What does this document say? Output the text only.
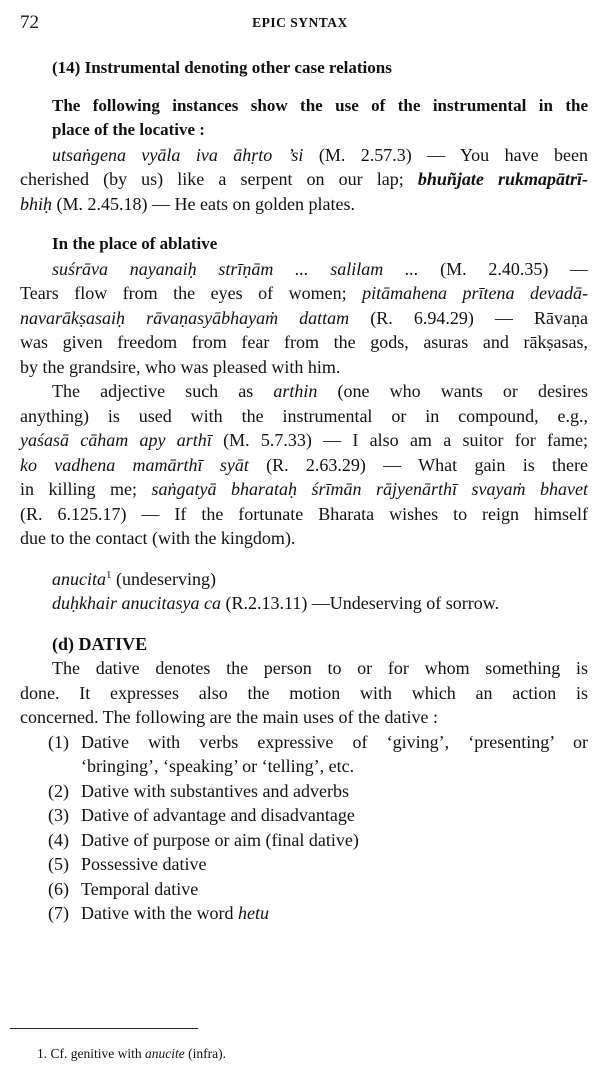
72	EPIC SYNTAX

(14) Instrumental denoting other case relations

The following instances show the use of the instrumental in the

place of the locative :

utsaṅgena vyāla iva āhṛto ’si (M. 2.57.3) — You have been

cherished (by us) like a serpent on our lap; bhuñjate rukmapātrī-

bhiḥ (M. 2.45.18) — He eats on golden plates.

In the place of ablative

suśrāva nayanaiḥ strīṇām ... salilam ... (M. 2.40.35) —

Tears flow from the eyes of women; pitāmahena prītena devadā-

navarākṣasaiḥ rāvaṇasyābhayaṁ dattam (R. 6.94.29) — Rāvaṇa

was given freedom from fear from the gods, asuras and rākṣasas,

by the grandsire, who was pleased with him.

The adjective such as arthin (one who wants or desires

anything) is used with the instrumental or in compound, e.g.,

yaśasā cāham apy arthī (M. 5.7.33) — I also am a suitor for fame;

ko vadhena mamārthī syāt (R. 2.63.29) — What gain is there

in killing me; saṅgatyā bharataḥ śrīmān rājyenārthī svayaṁ bhavet

(R. 6.125.17) — If the fortunate Bharata wishes to reign himself

due to the contact (with the kingdom).

anucita$^1$ (undeserving)

duḥkhair anucitasya ca (R.2.13.11) —Undeserving of sorrow.

(d) DATIVE

The dative denotes the person to or for whom something is

done. It expresses also the motion with which an action is

concerned. The following are the main uses of the dative :

(1) Dative with verbs expressive of ‘giving’, ‘presenting’ or
‘bringing’, ‘speaking’ or ‘telling’, etc.
(2) Dative with substantives and adverbs
(3) Dative of advantage and disadvantage
(4) Dative of purpose or aim (final dative)
(5) Possessive dative
(6) Temporal dative
(7) Dative with the word hetu
1. Cf. genitive with anucite (infra).
